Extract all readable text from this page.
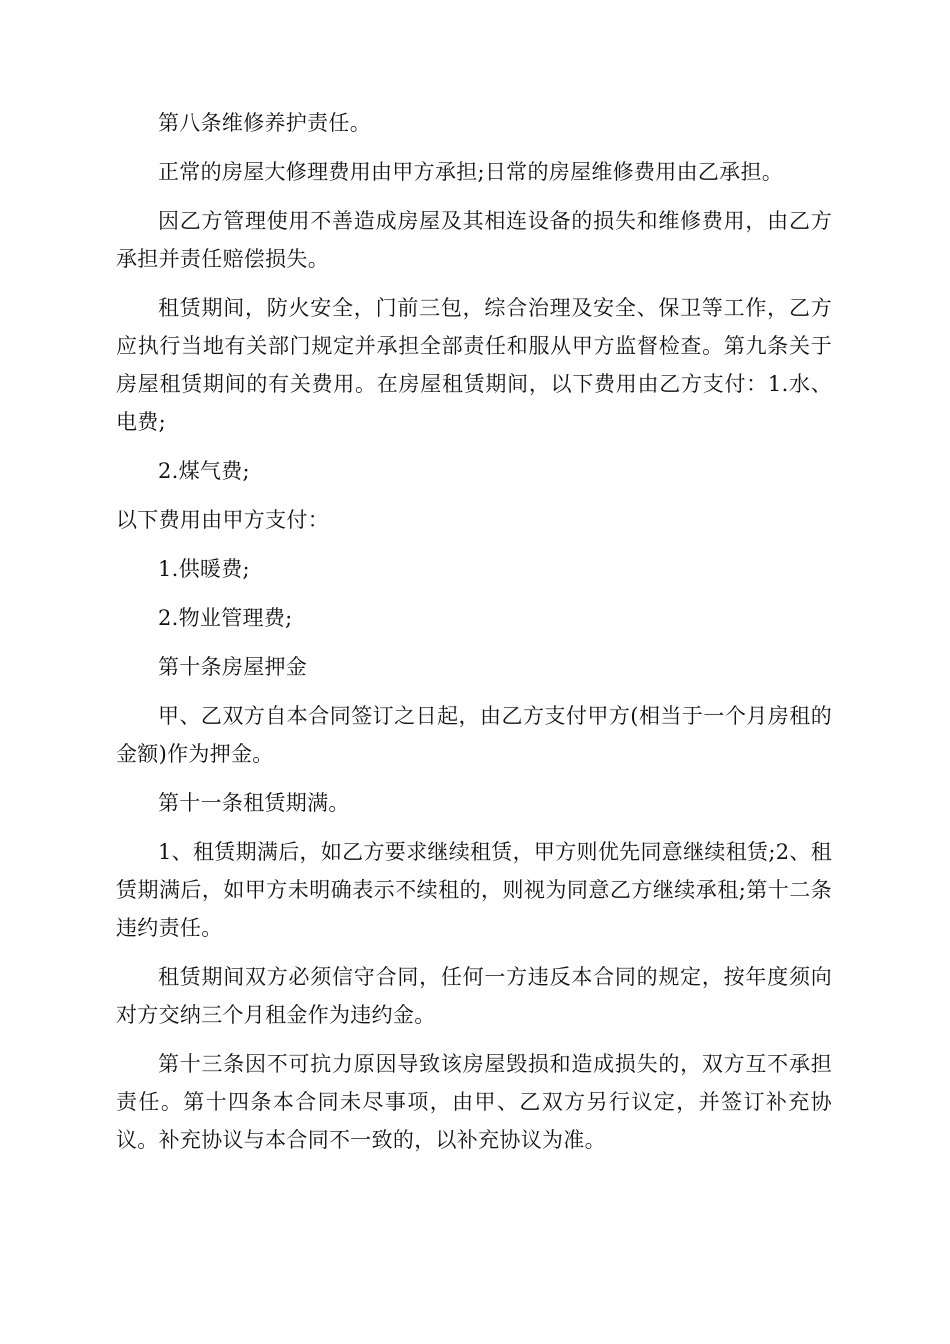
第八条维修养护责任。

正常的房屋大修理费用由甲方承担;日常的房屋维修费用由乙承担。

因乙方管理使用不善造成房屋及其相连设备的损失和维修费用，由乙方承担并责任赔偿损失。

租赁期间，防火安全，门前三包，综合治理及安全、保卫等工作，乙方应执行当地有关部门规定并承担全部责任和服从甲方监督检查。第九条关于房屋租赁期间的有关费用。在房屋租赁期间，以下费用由乙方支付：1.水、电费;

2.煤气费;

以下费用由甲方支付：

1.供暖费;

2.物业管理费;

第十条房屋押金

甲、乙双方自本合同签订之日起，由乙方支付甲方(相当于一个月房租的金额)作为押金。

第十一条租赁期满。

1、租赁期满后，如乙方要求继续租赁，甲方则优先同意继续租赁;2、租赁期满后，如甲方未明确表示不续租的，则视为同意乙方继续承租;第十二条违约责任。

租赁期间双方必须信守合同，任何一方违反本合同的规定，按年度须向对方交纳三个月租金作为违约金。

第十三条因不可抗力原因导致该房屋毁损和造成损失的，双方互不承担责任。第十四条本合同未尽事项，由甲、乙双方另行议定，并签订补充协议。补充协议与本合同不一致的，以补充协议为准。
